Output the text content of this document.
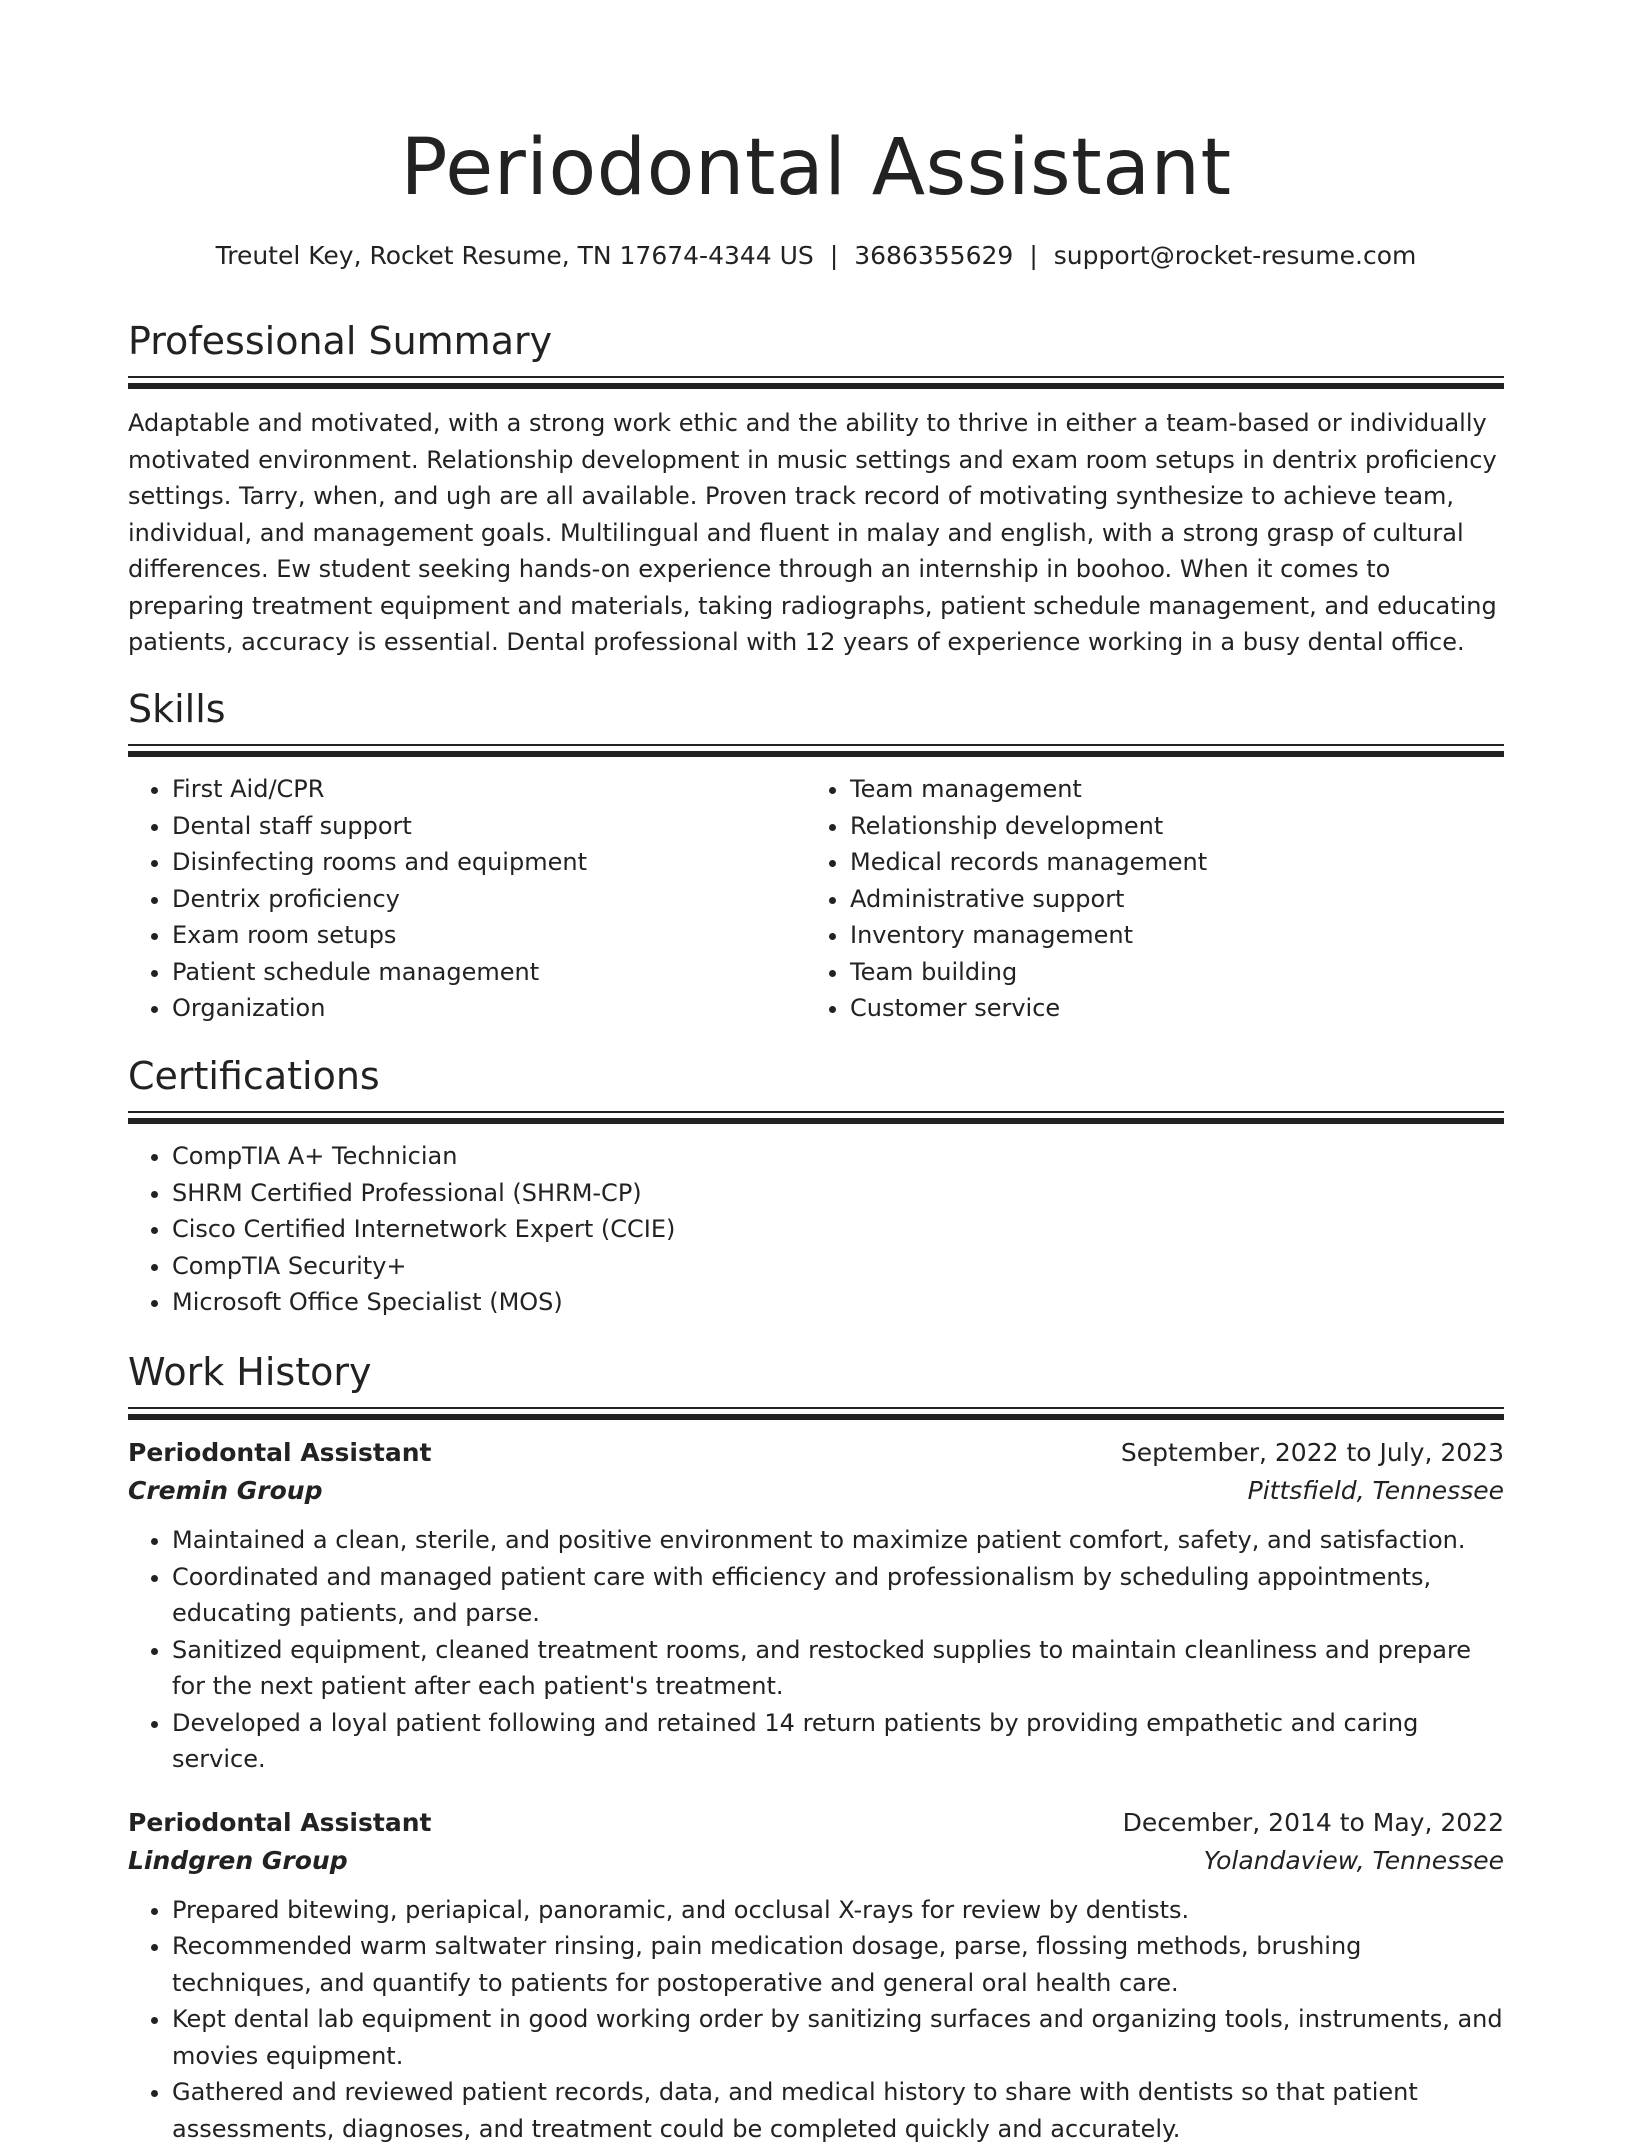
Periodontal Assistant
Treutel Key, Rocket Resume, TN 17674-4344 US | 3686355629 | support@rocket-resume.com
Professional Summary
Adaptable and motivated, with a strong work ethic and the ability to thrive in either a team-based or individually motivated environment. Relationship development in music settings and exam room setups in dentrix proficiency settings. Tarry, when, and ugh are all available. Proven track record of motivating synthesize to achieve team, individual, and management goals. Multilingual and fluent in malay and english, with a strong grasp of cultural differences. Ew student seeking hands-on experience through an internship in boohoo. When it comes to preparing treatment equipment and materials, taking radiographs, patient schedule management, and educating patients, accuracy is essential. Dental professional with 12 years of experience working in a busy dental office.
Skills
• First Aid/CPR
• Dental staff support
• Disinfecting rooms and equipment
• Dentrix proficiency
• Exam room setups
• Patient schedule management
• Organization
• Team management
• Relationship development
• Medical records management
• Administrative support
• Inventory management
• Team building
• Customer service
Certifications
• CompTIA A+ Technician
• SHRM Certified Professional (SHRM-CP)
• Cisco Certified Internetwork Expert (CCIE)
• CompTIA Security+
• Microsoft Office Specialist (MOS)
Work History
Periodontal Assistant	September, 2022 to July, 2023
Cremin Group	Pittsfield, Tennessee
• Maintained a clean, sterile, and positive environment to maximize patient comfort, safety, and satisfaction.
• Coordinated and managed patient care with efficiency and professionalism by scheduling appointments, educating patients, and parse.
• Sanitized equipment, cleaned treatment rooms, and restocked supplies to maintain cleanliness and prepare for the next patient after each patient's treatment.
• Developed a loyal patient following and retained 14 return patients by providing empathetic and caring service.
Periodontal Assistant	December, 2014 to May, 2022
Lindgren Group	Yolandaview, Tennessee
• Prepared bitewing, periapical, panoramic, and occlusal X-rays for review by dentists.
• Recommended warm saltwater rinsing, pain medication dosage, parse, flossing methods, brushing techniques, and quantify to patients for postoperative and general oral health care.
• Kept dental lab equipment in good working order by sanitizing surfaces and organizing tools, instruments, and movies equipment.
• Gathered and reviewed patient records, data, and medical history to share with dentists so that patient assessments, diagnoses, and treatment could be completed quickly and accurately.
